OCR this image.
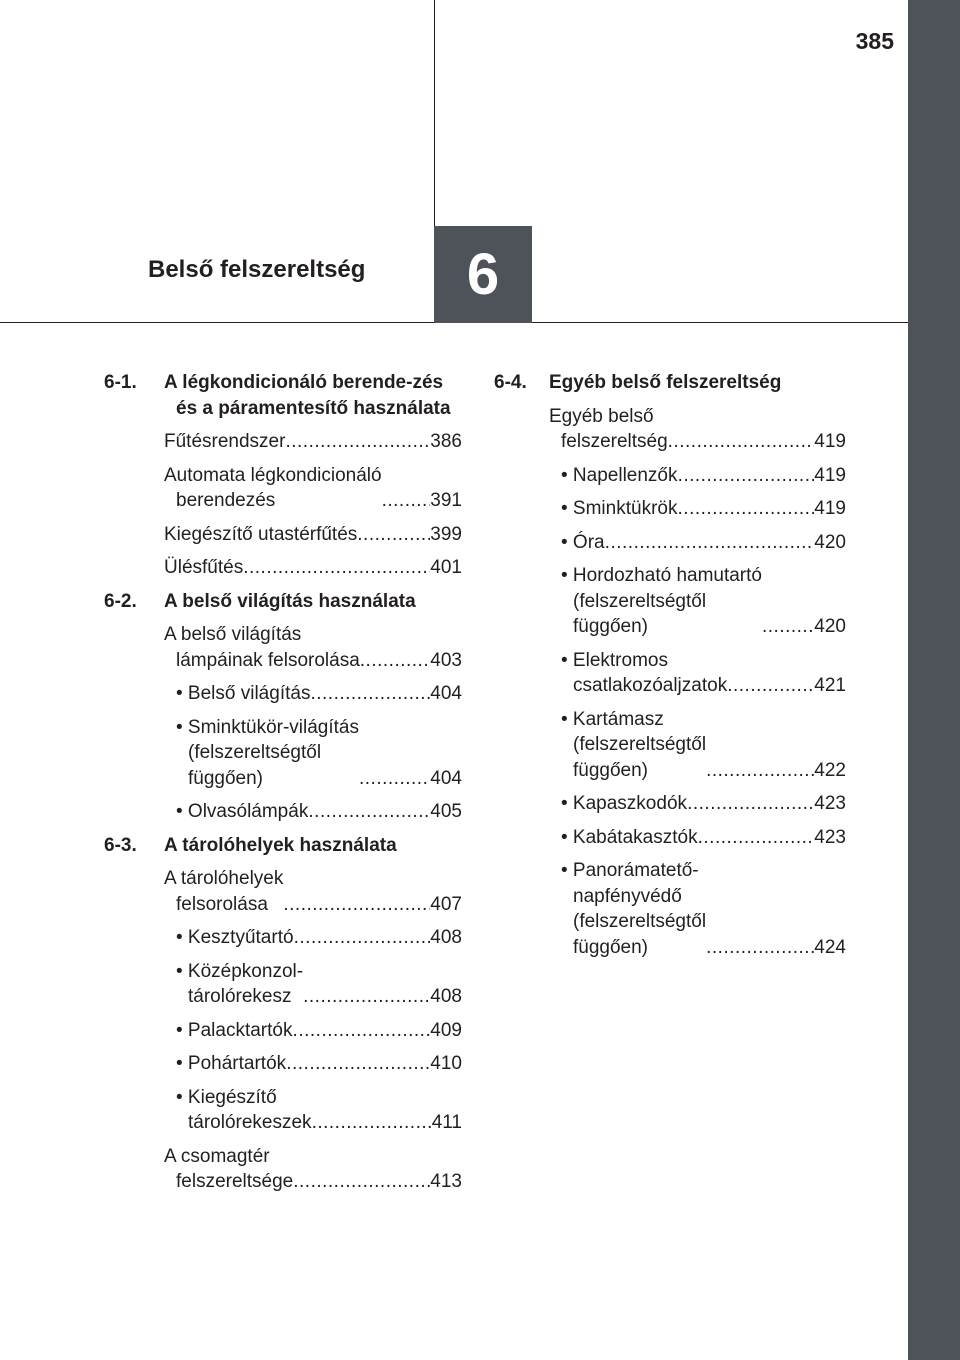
385
6
Belső felszereltség
6-1. A légkondicionáló berende-zés és a páramentesítő használata
Fűtésrendszer .....	386
Automata légkondicionáló
berendezés .....	391
Kiegészítő utastérfűtés .....	399
Ülésfűtés .....	401
6-2. A belső világítás használata
A belső világítás
lámpáinak felsorolása .....	403
• Belső világítás .....	404
• Sminktükör-világítás
(felszereltségtől
függően) .....	404
• Olvasólámpák .....	405
6-3. A tárolóhelyek használata
A tárolóhelyek
felsorolása .....	407
• Kesztyűtartó .....	408
• Középkonzol-
tárolórekesz .....	408
• Palacktartók .....	409
• Pohártartók .....	410
• Kiegészítő
tárolórekeszek .....	411
A csomagtér
felszereltsége .....	413
6-4. Egyéb belső felszereltség
Egyéb belső
felszereltség .....	419
• Napellenzők .....	419
• Sminktükrök .....	419
• Óra .....	420
• Hordozható hamutartó
(felszereltségtől
függően) .....	420
• Elektromos
csatlakozóaljzatok .....	421
• Kartámasz
(felszereltségtől
függően) .....	422
• Kapaszkodók .....	423
• Kabátakasztók .....	423
• Panorámatető-
napfényvédő
(felszereltségtől
függően) .....	424
